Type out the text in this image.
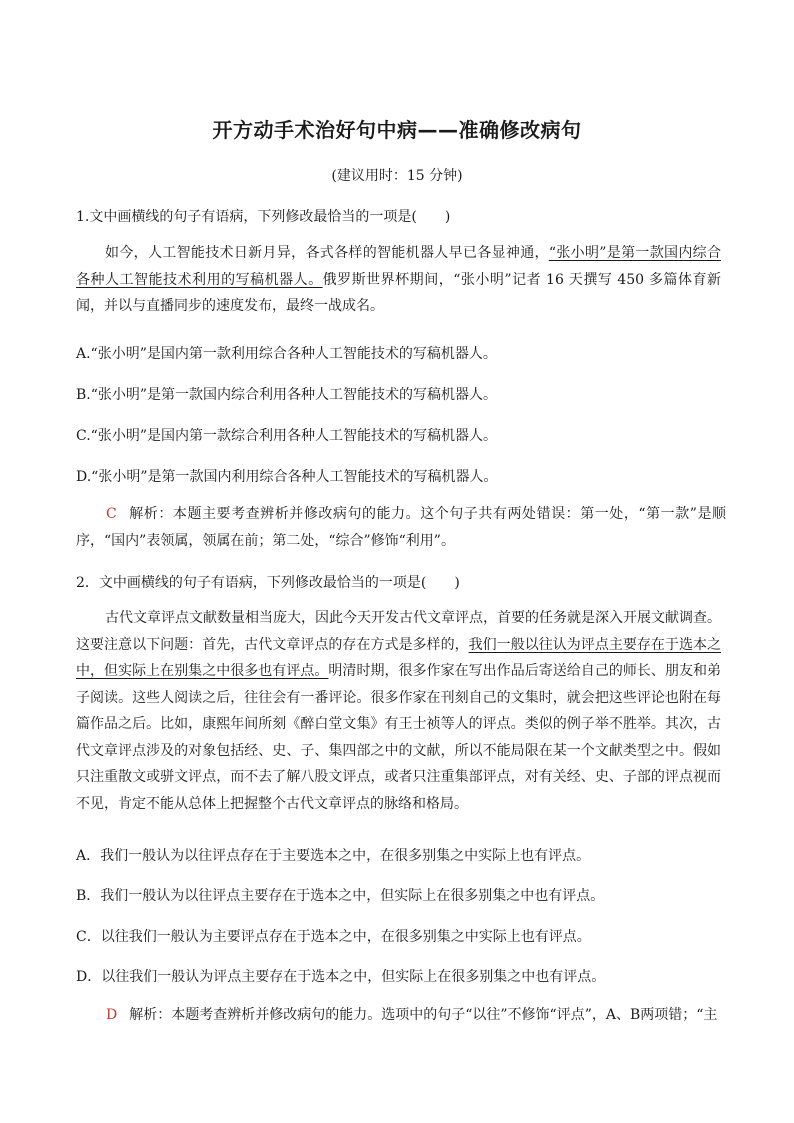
开方动手术治好句中病——准确修改病句
(建议用时：15 分钟)
1.文中画横线的句子有语病，下列修改最恰当的一项是(　　)
如今，人工智能技术日新月异，各式各样的智能机器人早已各显神通，“张小明”是第一款国内综合各种人工智能技术利用的写稿机器人。俄罗斯世界杯期间，“张小明”记者 16 天撰写 450 多篇体育新闻，并以与直播同步的速度发布，最终一战成名。
A.“张小明”是国内第一款利用综合各种人工智能技术的写稿机器人。
B.“张小明”是第一款国内综合利用各种人工智能技术的写稿机器人。
C.“张小明”是国内第一款综合利用各种人工智能技术的写稿机器人。
D.“张小明”是第一款国内利用综合各种人工智能技术的写稿机器人。
C 解析：本题主要考查辨析并修改病句的能力。这个句子共有两处错误：第一处，“第一款”是顺序，“国内”表领属，领属在前；第二处，“综合”修饰“利用”。
2．文中画横线的句子有语病，下列修改最恰当的一项是(　　)
古代文章评点文献数量相当庞大，因此今天开发古代文章评点，首要的任务就是深入开展文献调查。这要注意以下问题：首先，古代文章评点的存在方式是多样的，我们一般以往认为评点主要存在于选本之中，但实际上在别集之中很多也有评点。明清时期，很多作家在写出作品后寄送给自己的师长、朋友和弟子阅读。这些人阅读之后，往往会有一番评论。很多作家在刊刻自己的文集时，就会把这些评论也附在每篇作品之后。比如，康熙年间所刻《醉白堂文集》有王士祯等人的评点。类似的例子举不胜举。其次，古代文章评点涉及的对象包括经、史、子、集四部之中的文献，所以不能局限在某一个文献类型之中。假如只注重散文或骈文评点，而不去了解八股文评点，或者只注重集部评点，对有关经、史、子部的评点视而不见，肯定不能从总体上把握整个古代文章评点的脉络和格局。
A．我们一般认为以往评点存在于主要选本之中，在很多别集之中实际上也有评点。
B．我们一般认为以往评点主要存在于选本之中，但实际上在很多别集之中也有评点。
C．以往我们一般认为主要评点存在于选本之中，在很多别集之中实际上也有评点。
D．以往我们一般认为评点主要存在于选本之中，但实际上在很多别集之中也有评点。
D 解析：本题考查辨析并修改病句的能力。选项中的句子“以往”不修饰“评点”，A、B两项错；“主
